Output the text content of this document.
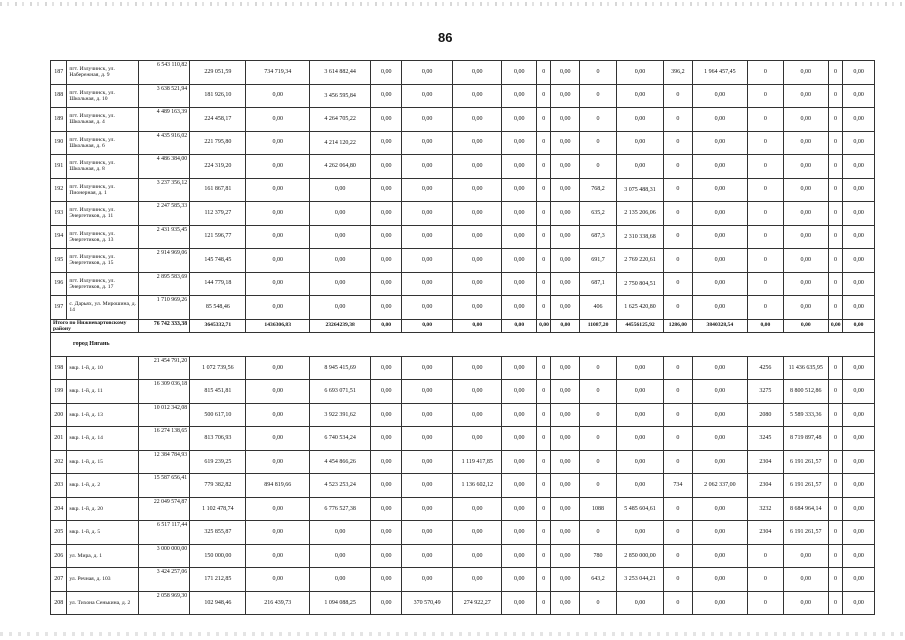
86
187	пгт. Излучинск, ул. Набережная, д. 9	6 543 110,82	229 051,59	734 719,34	3 614 882,44	0,00	0,00	0,00	0,00	0	0,00	0	0,00	396,2	1 964 457,45	0	0,00	0	0,00
188	пгт. Излучинск, ул. Школьная, д. 10	3 638 521,94	181 926,10	0,00	3 456 595,84	0,00	0,00	0,00	0,00	0	0,00	0	0,00	0	0,00	0	0,00	0	0,00
189	пгт. Излучинск, ул. Школьная, д. 4	4 489 163,39	224 458,17	0,00	4 264 705,22	0,00	0,00	0,00	0,00	0	0,00	0	0,00	0	0,00	0	0,00	0	0,00
190	пгт. Излучинск, ул. Школьная, д. 6	4 435 916,02	221 795,80	0,00	4 214 120,22	0,00	0,00	0,00	0,00	0	0,00	0	0,00	0	0,00	0	0,00	0	0,00
191	пгт. Излучинск, ул. Школьная, д. 8	4 486 384,00	224 319,20	0,00	4 262 064,80	0,00	0,00	0,00	0,00	0	0,00	0	0,00	0	0,00	0	0,00	0	0,00
192	пгт. Излучинск, ул. Пионерная, д. 1	3 237 356,12	161 867,81	0,00	0,00	0,00	0,00	0,00	0,00	0	0,00	768,2	3 075 488,31	0	0,00	0	0,00	0	0,00
193	пгт. Излучинск, ул. Энергетиков, д. 11	2 247 585,33	112 379,27	0,00	0,00	0,00	0,00	0,00	0,00	0	0,00	635,2	2 135 206,06	0	0,00	0	0,00	0	0,00
194	пгт. Излучинск, ул. Энергетиков, д. 13	2 431 935,45	121 596,77	0,00	0,00	0,00	0,00	0,00	0,00	0	0,00	687,3	2 310 338,68	0	0,00	0	0,00	0	0,00
195	пгт. Излучинск, ул. Энергетиков, д. 15	2 914 969,06	145 748,45	0,00	0,00	0,00	0,00	0,00	0,00	0	0,00	691,7	2 769 220,61	0	0,00	0	0,00	0	0,00
196	пгт. Излучинск, ул. Энергетиков, д. 17	2 895 583,69	144 779,18	0,00	0,00	0,00	0,00	0,00	0,00	0	0,00	687,1	2 750 804,51	0	0,00	0	0,00	0	0,00
197	с. Дарьях, ул. Мирошина, д. 14	1 710 969,26	85 548,46	0,00	0,00	0,00	0,00	0,00	0,00	0	0,00	406	1 625 420,80	0	0,00	0	0,00	0	0,00
Итого по Нижневартовскому району		76 742 333,38	3645332,71	1436306,83	23264239,38	0,00	0,00	0,00	0,00	0,00	0,00	11087,20	44556125,92	1286,00	3840328,54	0,00	0,00	0,00	0,00
город Нягань																			
198	мкр. 1-й, д. 10	21 454 791,20	1 072 739,56	0,00	8 945 415,69	0,00	0,00	0,00	0,00	0	0,00	0	0,00	0	0,00	4256	11 436 635,95	0	0,00
199	мкр. 1-й, д. 11	16 309 036,18	815 451,81	0,00	6 693 071,51	0,00	0,00	0,00	0,00	0	0,00	0	0,00	0	0,00	3275	8 800 512,86	0	0,00
200	мкр. 1-й, д. 13	10 012 342,08	500 617,10	0,00	3 922 391,62	0,00	0,00	0,00	0,00	0	0,00	0	0,00	0	0,00	2080	5 589 333,36	0	0,00
201	мкр. 1-й, д. 14	16 274 138,65	813 706,93	0,00	6 740 534,24	0,00	0,00	0,00	0,00	0	0,00	0	0,00	0	0,00	3245	8 719 897,48	0	0,00
202	мкр. 1-й, д. 15	12 384 784,93	619 239,25	0,00	4 454 866,26	0,00	0,00	1 119 417,85	0,00	0	0,00	0	0,00	0	0,00	2304	6 191 261,57	0	0,00
203	мкр. 1-й, д. 2	15 587 656,41	779 382,82	894 819,66	4 523 253,24	0,00	0,00	1 136 602,12	0,00	0	0,00	0	0,00	734	2 062 337,00	2304	6 191 261,57	0	0,00
204	мкр. 1-й, д. 20	22 049 574,87	1 102 478,74	0,00	6 776 527,38	0,00	0,00	0,00	0,00	0	0,00	1088	5 485 604,61	0	0,00	3232	8 684 964,14	0	0,00
205	мкр. 1-й, д. 5	6 517 117,44	325 855,87	0,00	0,00	0,00	0,00	0,00	0,00	0	0,00	0	0,00	0	0,00	2304	6 191 261,57	0	0,00
206	ул. Мира, д. 1	3 000 000,00	150 000,00	0,00	0,00	0,00	0,00	0,00	0,00	0	0,00	780	2 850 000,00	0	0,00	0	0,00	0	0,00
207	ул. Речная, д. 103	3 424 257,06	171 212,85	0,00	0,00	0,00	0,00	0,00	0,00	0	0,00	643,2	3 253 044,21	0	0,00	0	0,00	0	0,00
208	ул. Тихона Сенькина, д. 2	2 058 969,30	102 948,46	216 439,73	1 094 088,25	0,00	370 570,49	274 922,27	0,00	0	0,00	0	0,00	0	0,00	0	0,00	0	0,00
